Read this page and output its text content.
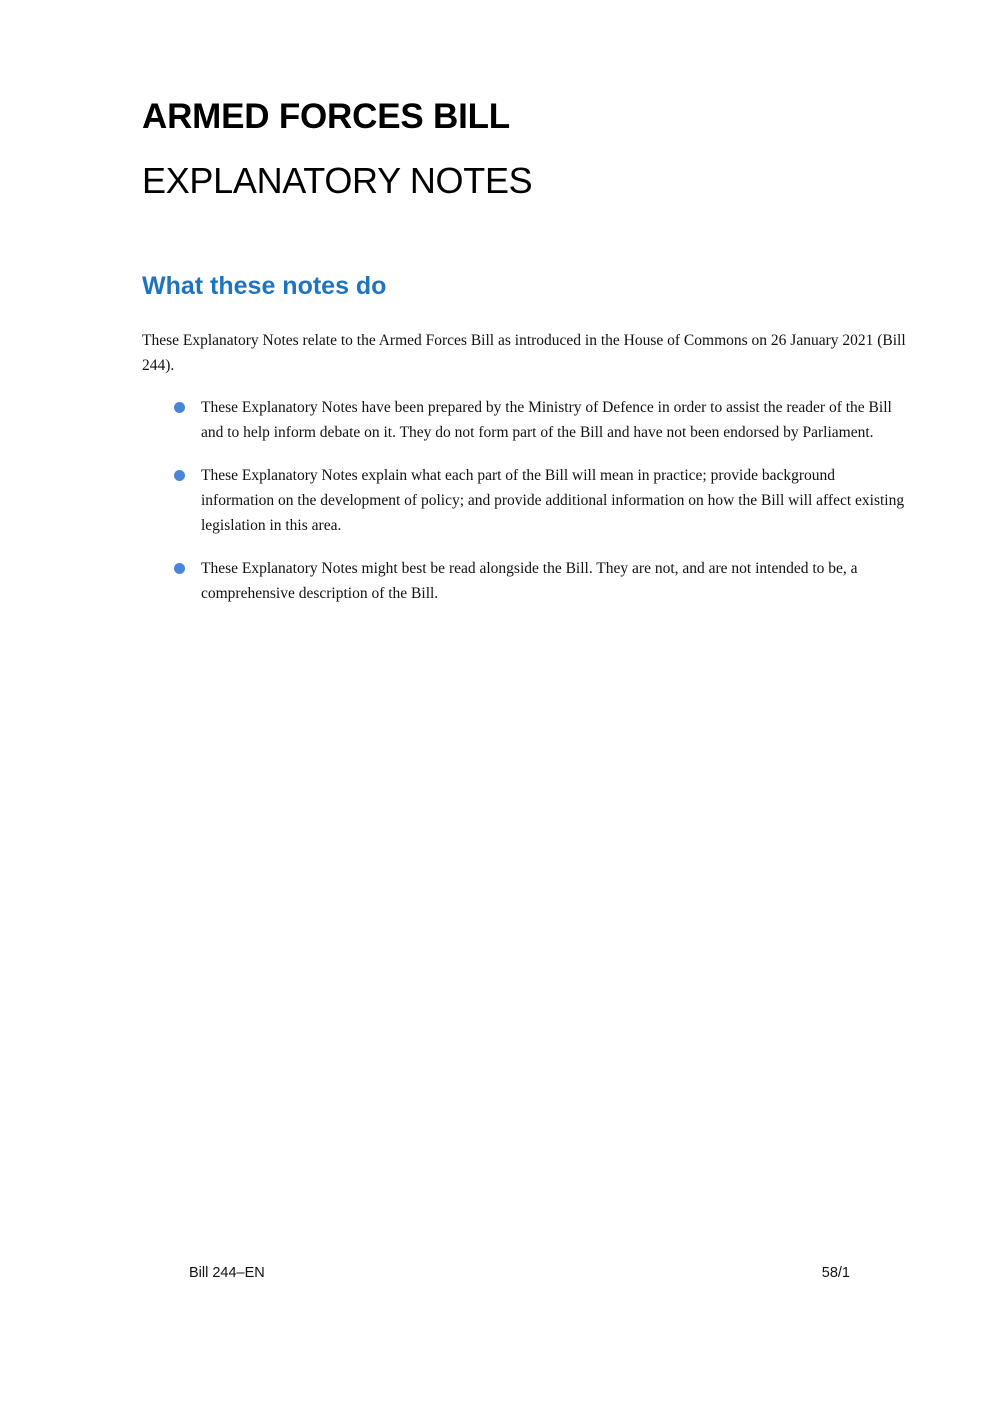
ARMED FORCES BILL
EXPLANATORY NOTES
What these notes do

These Explanatory Notes relate to the Armed Forces Bill as introduced in the House of Commons on 26 January 2021 (Bill 244).

These Explanatory Notes have been prepared by the Ministry of Defence in order to assist the reader of the Bill and to help inform debate on it. They do not form part of the Bill and have not been endorsed by Parliament.
These Explanatory Notes explain what each part of the Bill will mean in practice; provide background information on the development of policy; and provide additional information on how the Bill will affect existing legislation in this area.
These Explanatory Notes might best be read alongside the Bill. They are not, and are not intended to be, a comprehensive description of the Bill.
Bill 244–EN	58/1
